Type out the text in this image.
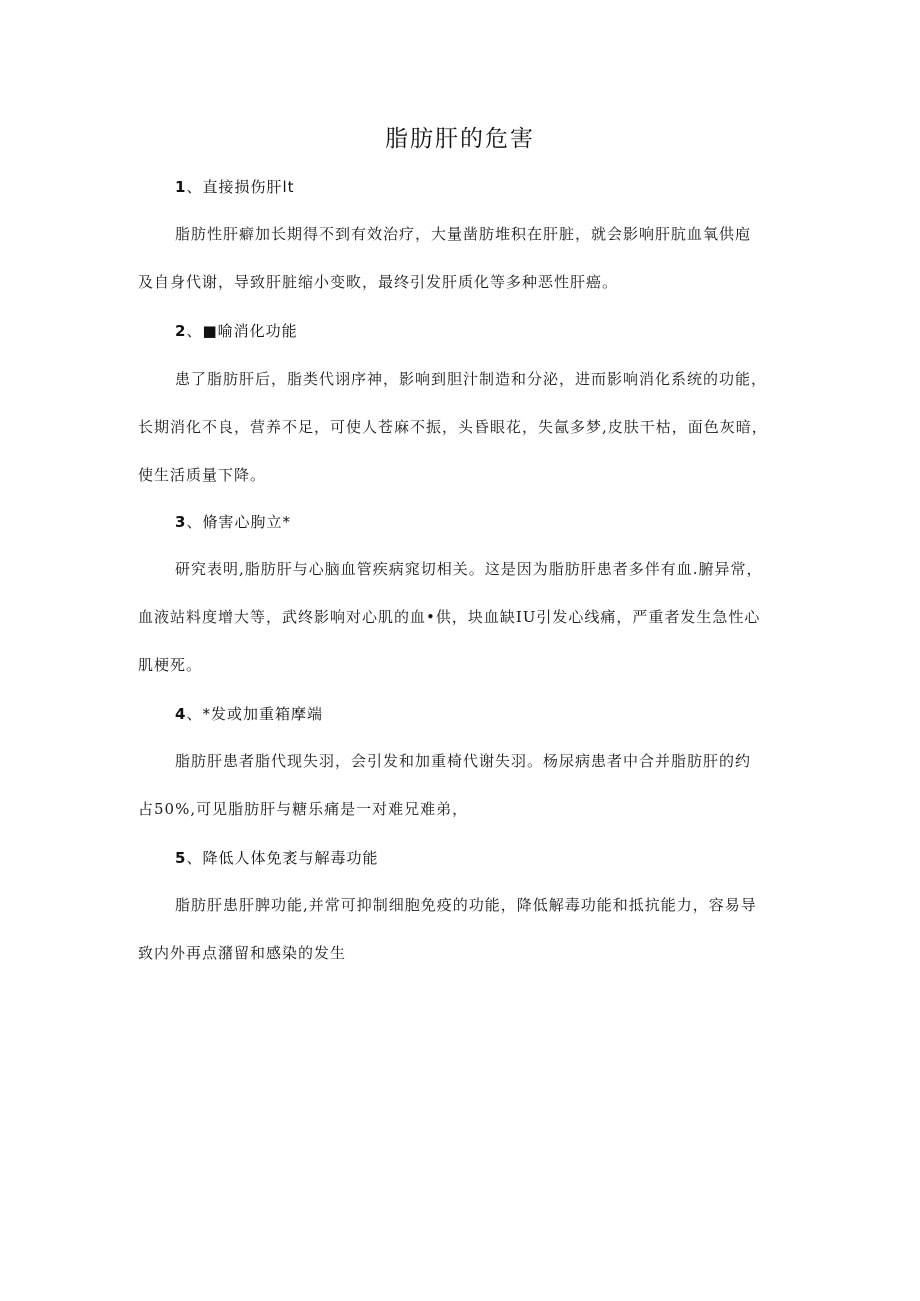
脂肪肝的危害
1、直接损伤肝lt
脂肪性肝癖加长期得不到有效治疗，大量凿肪堆积在肝脏，就会影响肝肮血氧供庖
及自身代谢，导致肝脏缩小变畋，最终引发肝质化等多种恶性肝癌。
2、■喻消化功能
患了脂肪肝后，脂类代诩序神，影响到胆汁制造和分泌，进而影响消化系统的功能，
长期消化不良，营养不足，可使人苍麻不振，头昏眼花，失氤多梦,皮肤干枯，面色灰暗，
使生活质量下降。
3、脩害心朐立*
研究表明,脂肪肝与心脑血管疾病窕切相关。这是因为脂肪肝患者多伴有血.腑异常，
血液站料度增大等，武终影响对心肌的血•供，块血缺IU引发心线痛，严重者发生急性心
肌梗死。
4、*发或加重箱摩端
脂肪肝患者脂代现失羽，会引发和加重椅代谢失羽。杨尿病患者中合并脂肪肝的约
占50%,可见脂肪肝与糖乐痛是一对难兄难弟，
5、降低人体免袤与解毒功能
脂肪肝患肝脾功能,并常可抑制细胞免疫的功能，降低解毒功能和抵抗能力，容易导
致内外再点潴留和感染的发生
